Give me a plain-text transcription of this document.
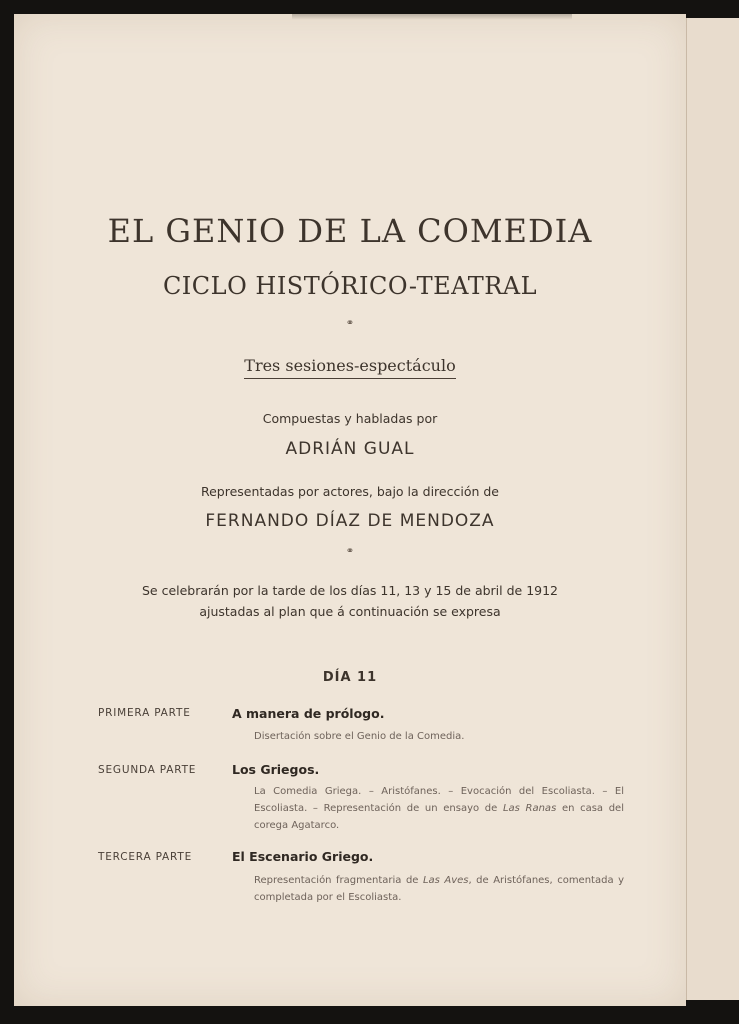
EL GENIO DE LA COMEDIA
CICLO HISTÓRICO-TEATRAL
⚭
Tres sesiones-espectáculo
Compuestas y habladas por
ADRIÁN GUAL
Representadas por actores, bajo la dirección de
FERNANDO DÍAZ DE MENDOZA
⚭
Se celebrarán por la tarde de los días 11, 13 y 15 de abril de 1912
ajustadas al plan que á continuación se expresa
DÍA 11
PRIMERA PARTE	A manera de prólogo.
Disertación sobre el Genio de la Comedia.
SEGUNDA PARTE	Los Griegos.
La Comedia Griega. – Aristófanes. – Evocación del Escoliasta. – El Escoliasta. – Representación de un ensayo de Las Ranas en casa del corega Agatarco.
TERCERA PARTE	El Escenario Griego.
Representación fragmentaria de Las Aves, de Aristófanes, comentada y completada por el Escoliasta.
